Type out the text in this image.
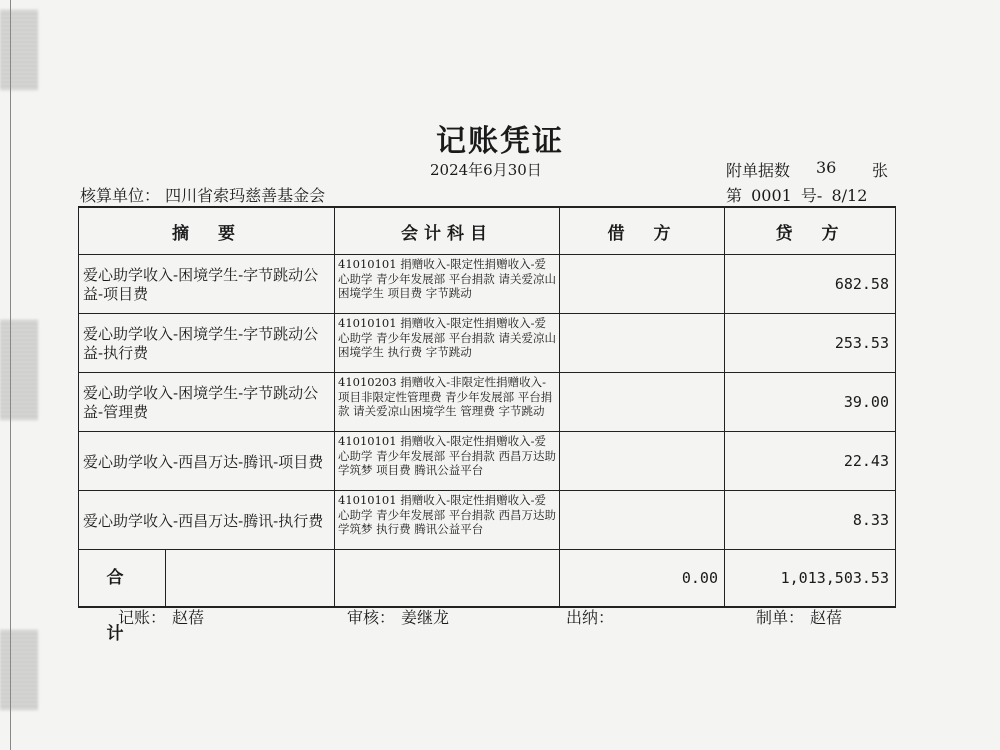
记账凭证
2024年6月30日	附单据数 36 张
核算单位： 四川省索玛慈善基金会	第 0001 号- 8/12
摘　要	会计科目	借　方	贷　方
爱心助学收入-困境学生-字节跳动公益-项目费	41010101 捐赠收入-限定性捐赠收入-爱心助学 青少年发展部 平台捐款 请关爱凉山困境学生 项目费 字节跳动		682.58
爱心助学收入-困境学生-字节跳动公益-执行费	41010101 捐赠收入-限定性捐赠收入-爱心助学 青少年发展部 平台捐款 请关爱凉山困境学生 执行费 字节跳动		253.53
爱心助学收入-困境学生-字节跳动公益-管理费	41010203 捐赠收入-非限定性捐赠收入-项目非限定性管理费 青少年发展部 平台捐款 请关爱凉山困境学生 管理费 字节跳动		39.00
爱心助学收入-西昌万达-腾讯-项目费	41010101 捐赠收入-限定性捐赠收入-爱心助学 青少年发展部 平台捐款 西昌万达助学筑梦 项目费 腾讯公益平台		22.43
爱心助学收入-西昌万达-腾讯-执行费	41010101 捐赠收入-限定性捐赠收入-爱心助学 青少年发展部 平台捐款 西昌万达助学筑梦 执行费 腾讯公益平台		8.33

合　计		0.00	1,013,503.53
记账： 赵蓓	审核： 姜继龙	出纳：	制单： 赵蓓
